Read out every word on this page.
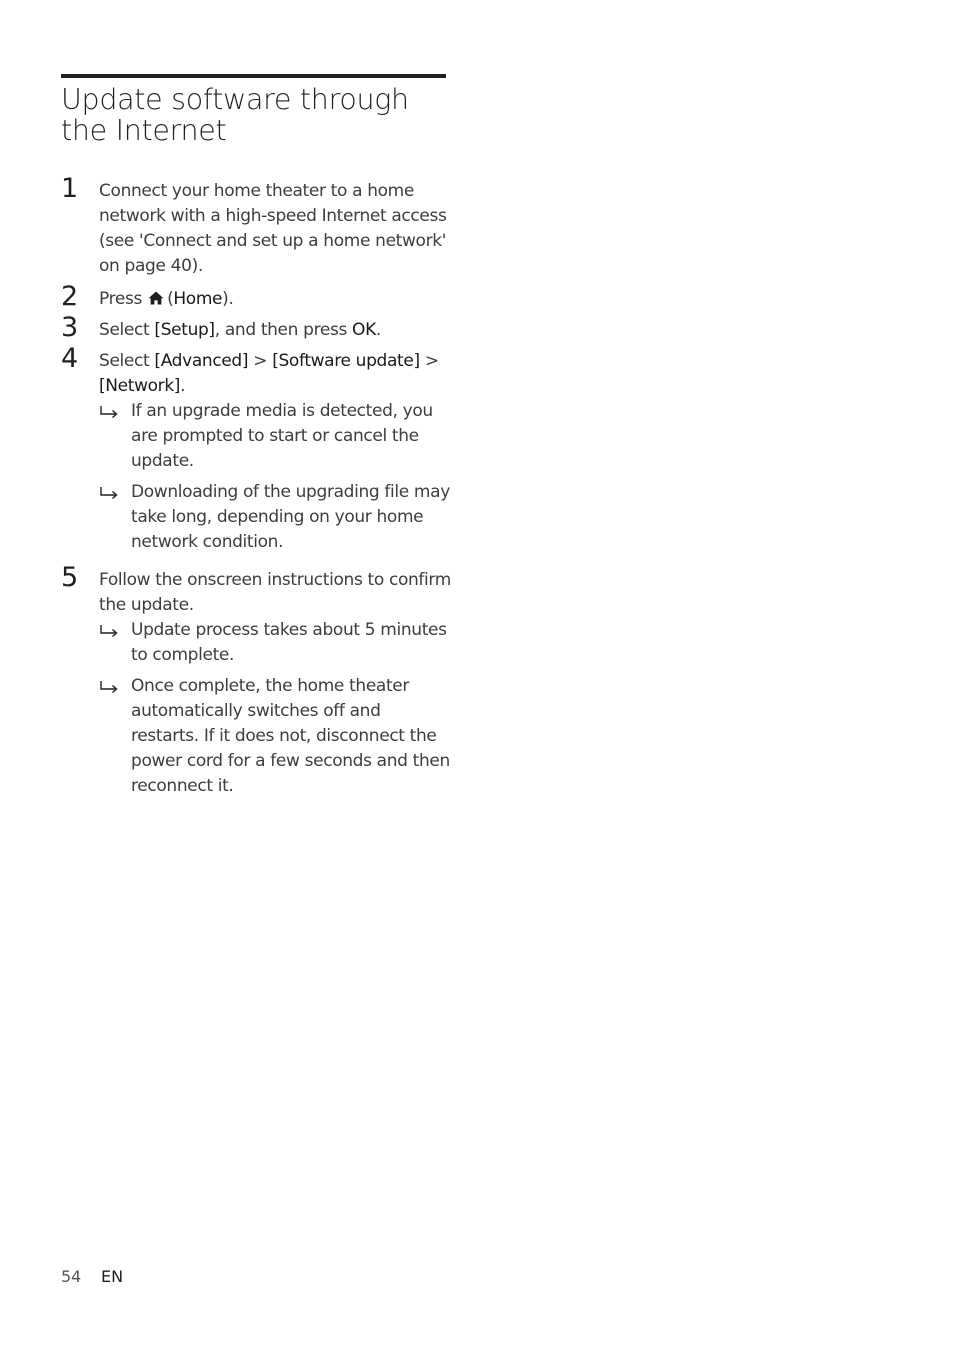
Update software through the Internet
1 Connect your home theater to a home network with a high-speed Internet access (see 'Connect and set up a home network' on page 40).
2 Press (Home).
3 Select [Setup], and then press OK.
4 Select [Advanced] > [Software update] > [Network].
If an upgrade media is detected, you are prompted to start or cancel the update.
Downloading of the upgrading file may take long, depending on your home network condition.
5 Follow the onscreen instructions to confirm the update.
Update process takes about 5 minutes to complete.
Once complete, the home theater automatically switches off and restarts. If it does not, disconnect the power cord for a few seconds and then reconnect it.
54 EN
